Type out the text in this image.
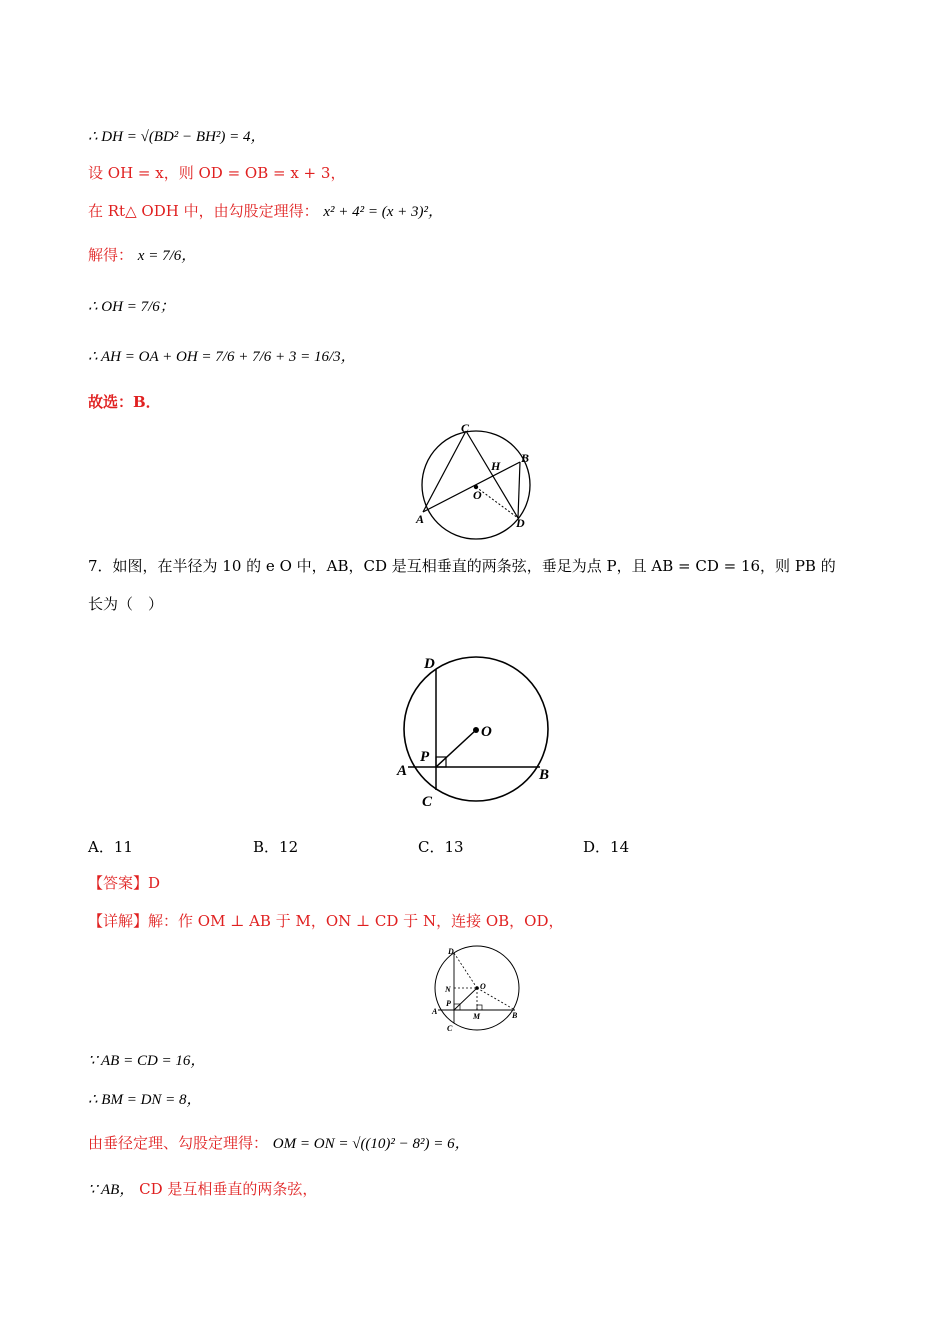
∴ DH = √(BD² − BH²) = 4，
设 OH = x，则 OD = OB = x + 3，
在 Rt△ ODH 中，由勾股定理得： x² + 4² = (x + 3)²，
解得： x = 7/6，
∴ OH = 7/6；
∴ AH = OA + OH = 7/6 + 7/6 + 3 = 16/3，
故选：B．
C
B
H
O
A	D
7．如图，在半径为 10 的 e O 中，AB，CD 是互相垂直的两条弦，垂足为点 P，且 AB = CD = 16，则 PB 的
长为（　）
D
O
P
A	B
C
A．11	B．12	C．13	D．14
【答案】D
【详解】解：作 OM ⊥ AB 于 M，ON ⊥ CD 于 N，连接 OB，OD，
D
O
N
P
A
M	B
C
∵ AB = CD = 16，
∴ BM = DN = 8，
由垂径定理、勾股定理得： OM = ON = √((10)² − 8²) = 6，
∵ AB， CD 是互相垂直的两条弦，
